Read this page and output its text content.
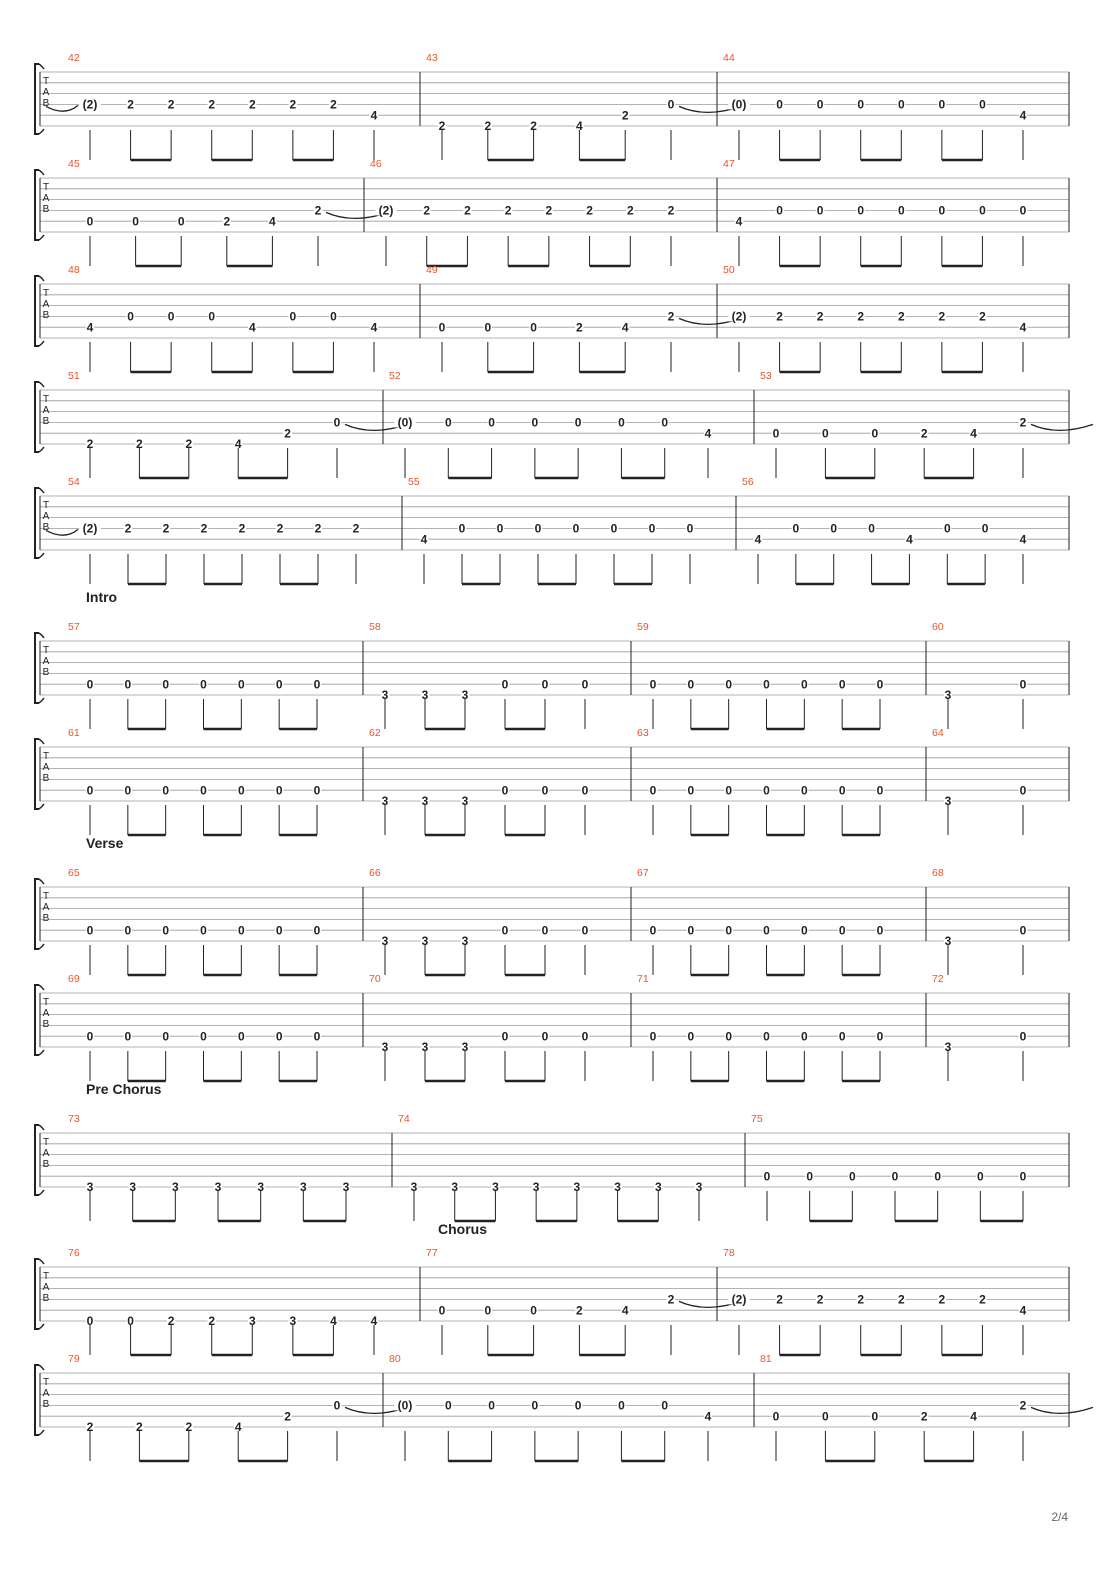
T
A
B
42
(2) 2	2	2	2	2	2
4
43
2	2	2	4
2
0
44
(0) 0	0	0	0	0	0
4
T
A
B
45
0	0	0	2	4
2
46
(2)	2	2	2	2	2	2	2
47
4
0	0	0	0	0	0	0
T
A
B
48
4
0	0	0
4
0	0
4
49
0	0	0	2	4
2
50
(2) 2	2	2	2	2	2
4
T
A
B
51
2	2	2	4
2
0
52
(0)	0	0	0	0	0	0
4
53
0	0	0	2	4
2
T
A
B
54
(2) 2	2	2	2	2	2	2
55
4
0	0	0	0	0	0	0
56
4
0	0	0
4
0	0
4
Intro
T
A
B
57
0	0	0	0	0	0	0
58
3	3	3
0	0	0
59
0	0	0	0	0	0	0
60
3
0
T
A
B
61
0	0	0	0	0	0	0
62
3	3	3
0	0	0
63
0	0	0	0	0	0	0
64
3
0
Verse
T
A
B
65
0	0	0	0	0	0	0
66
3	3	3
0	0	0
67
0	0	0	0	0	0	0
68
3
0
T
A
B
69
0	0	0	0	0	0	0
70
3	3	3
0	0	0
71
0	0	0	0	0	0	0
72
3
0
Pre Chorus
T
A
B
73
3	3	3	3	3	3	3
74
3	3	3	3	3	3	3	3
75
0	0	0	0	0	0	0
Chorus
T
A
B
76
0	0	2	2	3	3	4	4
77
0	0	0	2	4
2
78
(2) 2	2	2	2	2	2
4
T
A
B
79
2	2	2	4
2
0
80
(0)	0	0	0	0	0	0
4
81
0	0	0	2	4
2
2/4
